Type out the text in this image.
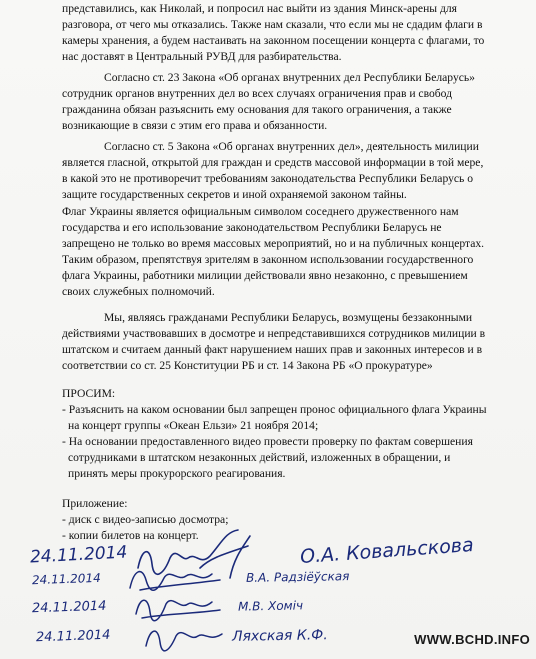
представились, как Николай, и попросил нас выйти из здания Минск-арены для
разговора, от чего мы отказались. Также нам сказали, что если мы не сдадим флаги в
камеры хранения, а будем настаивать на законном посещении концерта с флагами, то
нас доставят в Центральный РУВД для разбирательства.
Согласно ст. 23 Закона «Об органах внутренних дел Республики Беларусь»
сотрудник органов внутренних дел во всех случаях ограничения прав и свобод
гражданина обязан разъяснить ему основания для такого ограничения, а также
возникающие в связи с этим его права и обязанности.
Согласно ст. 5 Закона «Об органах внутренних дел», деятельность милиции
является гласной, открытой для граждан и средств массовой информации в той мере,
в какой это не противоречит требованиям законодательства Республики Беларусь о
защите государственных секретов и иной охраняемой законом тайны.
Флаг Украины является официальным символом соседнего дружественного нам
государства и его использование законодательством Республики Беларусь не
запрещено не только во время массовых мероприятий, но и на публичных концертах.
Таким образом, препятствуя зрителям в законном использовании государственного
флага Украины, работники милиции действовали явно незаконно, с превышением
своих служебных полномочий.
Мы, являясь гражданами Республики Беларусь, возмущены беззаконными
действиями участвовавших в досмотре и непредставившихся сотрудников милиции в
штатском и считаем данный факт нарушением наших прав и законных интересов и в
соответствии со ст. 25 Конституции РБ и ст. 14 Закона РБ «О прокуратуре»
ПРОСИМ:
- Разъяснить на каком основании был запрещен пронос официального флага Украины
на концерт группы «Океан Ельзи» 21 ноября 2014;
- На основании предоставленного видео провести проверку по фактам совершения
сотрудниками в штатском незаконных действий, изложенных в обращении, и
принять меры прокурорского реагирования.
Приложение:
- диск с видео-записью досмотра;
- копии билетов на концерт.
24.11.2014
24.11.2014
24.11.2014
24.11.2014
О.А. Ковальскова
В.А. Радзіёўская
М.В. Хоміч
Ляхская К.Ф.	WWW.BCHD.INFO
